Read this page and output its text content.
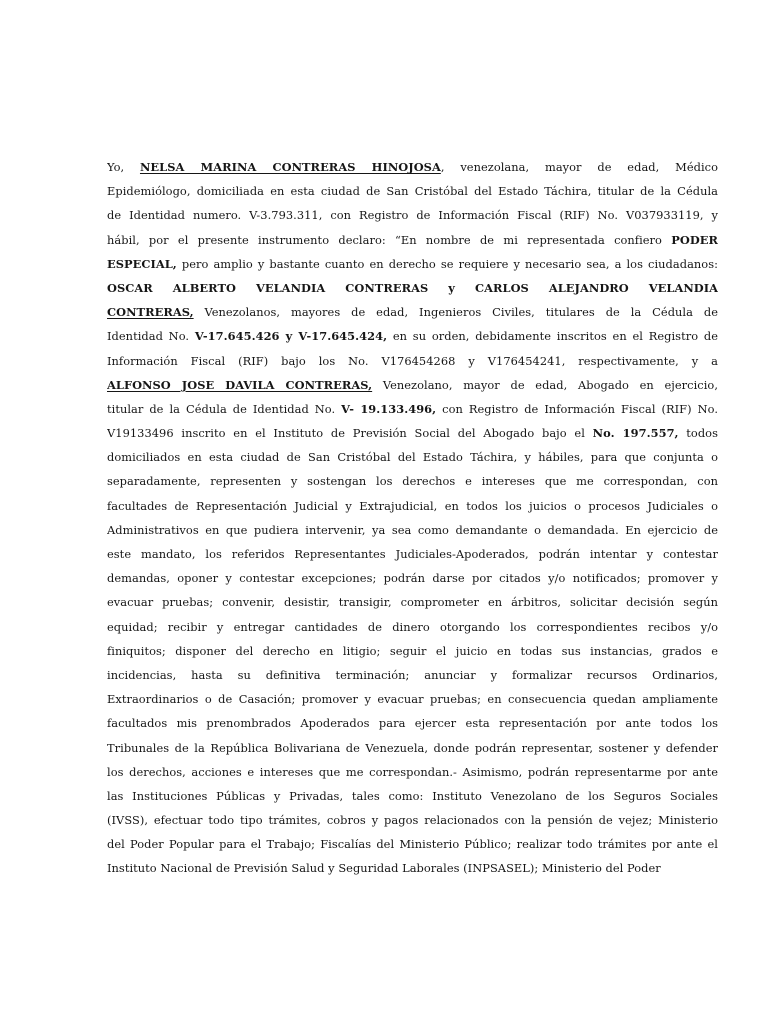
Yo, NELSA MARINA CONTRERAS HINOJOSA, venezolana, mayor de edad, Médico
Epidemiólogo, domiciliada en esta ciudad de San Cristóbal del Estado Táchira, titular de la Cédula
de Identidad numero. V-3.793.311, con Registro de Información Fiscal (RIF) No. V037933119, y
hábil, por el presente instrumento declaro: “En nombre de mi representada confiero PODER
ESPECIAL, pero amplio y bastante cuanto en derecho se requiere y necesario sea, a los ciudadanos:
OSCAR ALBERTO VELANDIA CONTRERAS y CARLOS ALEJANDRO VELANDIA
CONTRERAS, Venezolanos, mayores de edad, Ingenieros Civiles, titulares de la Cédula de
Identidad No. V-17.645.426 y V-17.645.424, en su orden, debidamente inscritos en el Registro de
Información Fiscal (RIF) bajo los No. V176454268 y V176454241, respectivamente, y a
ALFONSO JOSE DAVILA CONTRERAS, Venezolano, mayor de edad, Abogado en ejercicio,
titular de la Cédula de Identidad No. V- 19.133.496, con Registro de Información Fiscal (RIF) No.
V19133496 inscrito en el Instituto de Previsión Social del Abogado bajo el No. 197.557, todos
domiciliados en esta ciudad de San Cristóbal del Estado Táchira, y hábiles, para que conjunta o
separadamente, representen y sostengan los derechos e intereses que me correspondan, con
facultades de Representación Judicial y Extrajudicial, en todos los juicios o procesos Judiciales o
Administrativos en que pudiera intervenir, ya sea como demandante o demandada. En ejercicio de
este mandato, los referidos Representantes Judiciales-Apoderados, podrán intentar y contestar
demandas, oponer y contestar excepciones; podrán darse por citados y/o notificados; promover y
evacuar pruebas; convenir, desistir, transigir, comprometer en árbitros, solicitar decisión según
equidad; recibir y entregar cantidades de dinero otorgando los correspondientes recibos y/o
finiquitos; disponer del derecho en litigio; seguir el juicio en todas sus instancias, grados e
incidencias, hasta su definitiva terminación; anunciar y formalizar recursos Ordinarios,
Extraordinarios o de Casación; promover y evacuar pruebas; en consecuencia quedan ampliamente
facultados mis prenombrados Apoderados para ejercer esta representación por ante todos los
Tribunales de la República Bolivariana de Venezuela, donde podrán representar, sostener y defender
los derechos, acciones e intereses que me correspondan.- Asimismo, podrán representarme por ante
las Instituciones Públicas y Privadas, tales como: Instituto Venezolano de los Seguros Sociales
(IVSS), efectuar todo tipo trámites, cobros y pagos relacionados con la pensión de vejez; Ministerio
del Poder Popular para el Trabajo; Fiscalías del Ministerio Público; realizar todo trámites por ante el
Instituto Nacional de Previsión Salud y Seguridad Laborales (INPSASEL); Ministerio del Poder
